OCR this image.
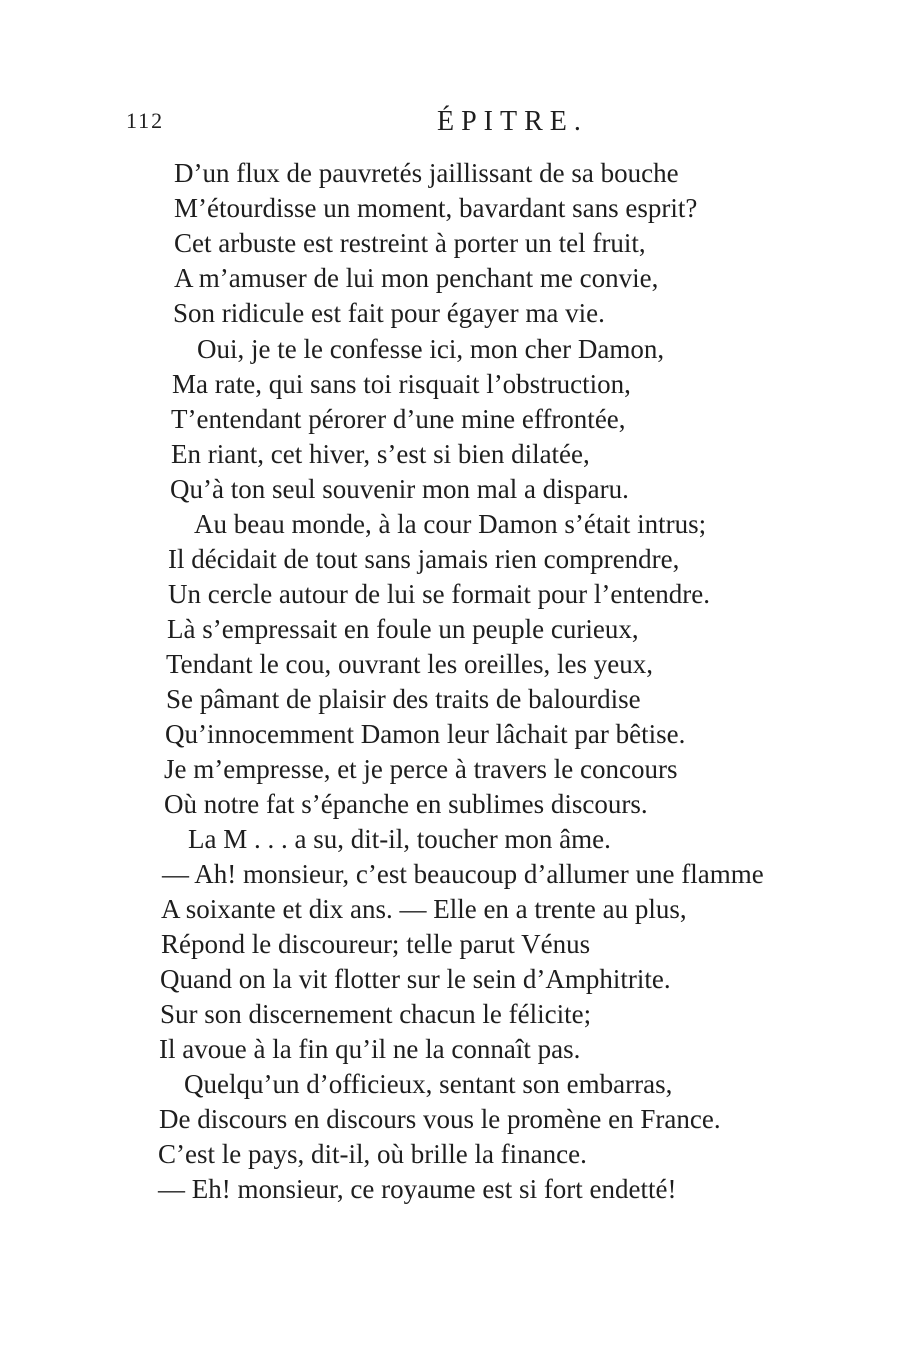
112	ÉPITRE.
D’un flux de pauvretés jaillissant de sa bouche
M’étourdisse un moment, bavardant sans esprit?
Cet arbuste est restreint à porter un tel fruit,
A m’amuser de lui mon penchant me convie,
Son ridicule est fait pour égayer ma vie.
Oui, je te le confesse ici, mon cher Damon,
Ma rate, qui sans toi risquait l’obstruction,
T’entendant pérorer d’une mine effrontée,
En riant, cet hiver, s’est si bien dilatée,
Qu’à ton seul souvenir mon mal a disparu.
Au beau monde, à la cour Damon s’était intrus;
Il décidait de tout sans jamais rien comprendre,
Un cercle autour de lui se formait pour l’entendre.
Là s’empressait en foule un peuple curieux,
Tendant le cou, ouvrant les oreilles, les yeux,
Se pâmant de plaisir des traits de balourdise
Qu’innocemment Damon leur lâchait par bêtise.
Je m’empresse, et je perce à travers le concours
Où notre fat s’épanche en sublimes discours.
La M . . . a su, dit-il, toucher mon âme.
— Ah! monsieur, c’est beaucoup d’allumer une flamme
A soixante et dix ans. — Elle en a trente au plus,
Répond le discoureur; telle parut Vénus
Quand on la vit flotter sur le sein d’Amphitrite.
Sur son discernement chacun le félicite;
Il avoue à la fin qu’il ne la connaît pas.
Quelqu’un d’officieux, sentant son embarras,
De discours en discours vous le promène en France.
C’est le pays, dit-il, où brille la finance.
— Eh! monsieur, ce royaume est si fort endetté!
